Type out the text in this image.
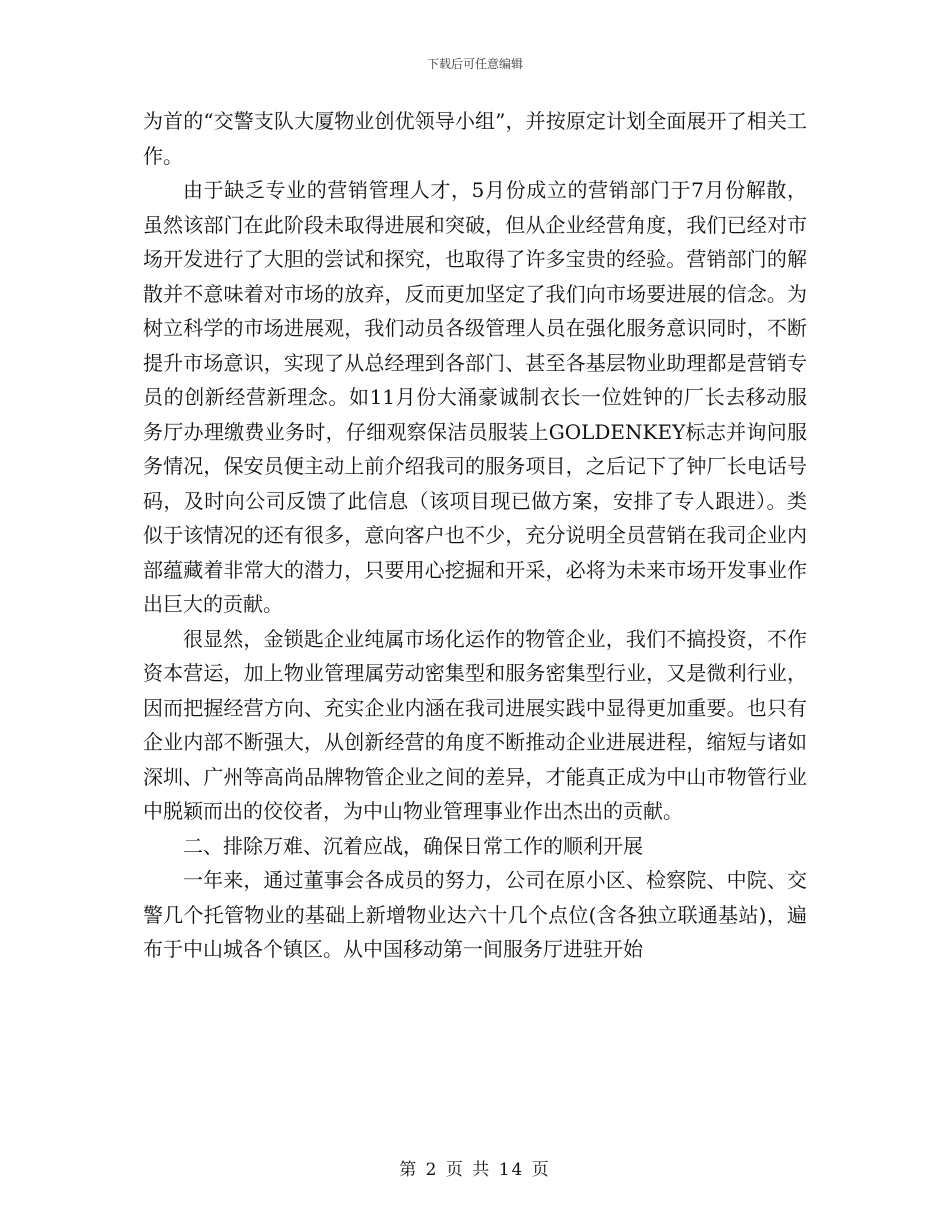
下载后可任意编辑

为首的“交警支队大厦物业创优领导小组”，并按原定计划全面展开了相关工作。

由于缺乏专业的营销管理人才，5月份成立的营销部门于7月份解散，虽然该部门在此阶段未取得进展和突破，但从企业经营角度，我们已经对市场开发进行了大胆的尝试和探究，也取得了许多宝贵的经验。营销部门的解散并不意味着对市场的放弃，反而更加坚定了我们向市场要进展的信念。为树立科学的市场进展观，我们动员各级管理人员在强化服务意识同时，不断提升市场意识，实现了从总经理到各部门、甚至各基层物业助理都是营销专员的创新经营新理念。如11月份大涌豪诚制衣长一位姓钟的厂长去移动服务厅办理缴费业务时，仔细观察保洁员服装上GOLDENKEY标志并询问服务情况，保安员便主动上前介绍我司的服务项目，之后记下了钟厂长电话号码，及时向公司反馈了此信息（该项目现已做方案，安排了专人跟进）。类似于该情况的还有很多，意向客户也不少，充分说明全员营销在我司企业内部蕴藏着非常大的潜力，只要用心挖掘和开采，必将为未来市场开发事业作出巨大的贡献。

很显然，金锁匙企业纯属市场化运作的物管企业，我们不搞投资，不作资本营运，加上物业管理属劳动密集型和服务密集型行业，又是微利行业，因而把握经营方向、充实企业内涵在我司进展实践中显得更加重要。也只有企业内部不断强大，从创新经营的角度不断推动企业进展进程，缩短与诸如深圳、广州等高尚品牌物管企业之间的差异，才能真正成为中山市物管行业中脱颖而出的佼佼者，为中山物业管理事业作出杰出的贡献。

二、排除万难、沉着应战，确保日常工作的顺利开展

一年来，通过董事会各成员的努力，公司在原小区、检察院、中院、交警几个托管物业的基础上新增物业达六十几个点位(含各独立联通基站)，遍布于中山城各个镇区。从中国移动第一间服务厅进驻开始

第 2 页 共 14 页
